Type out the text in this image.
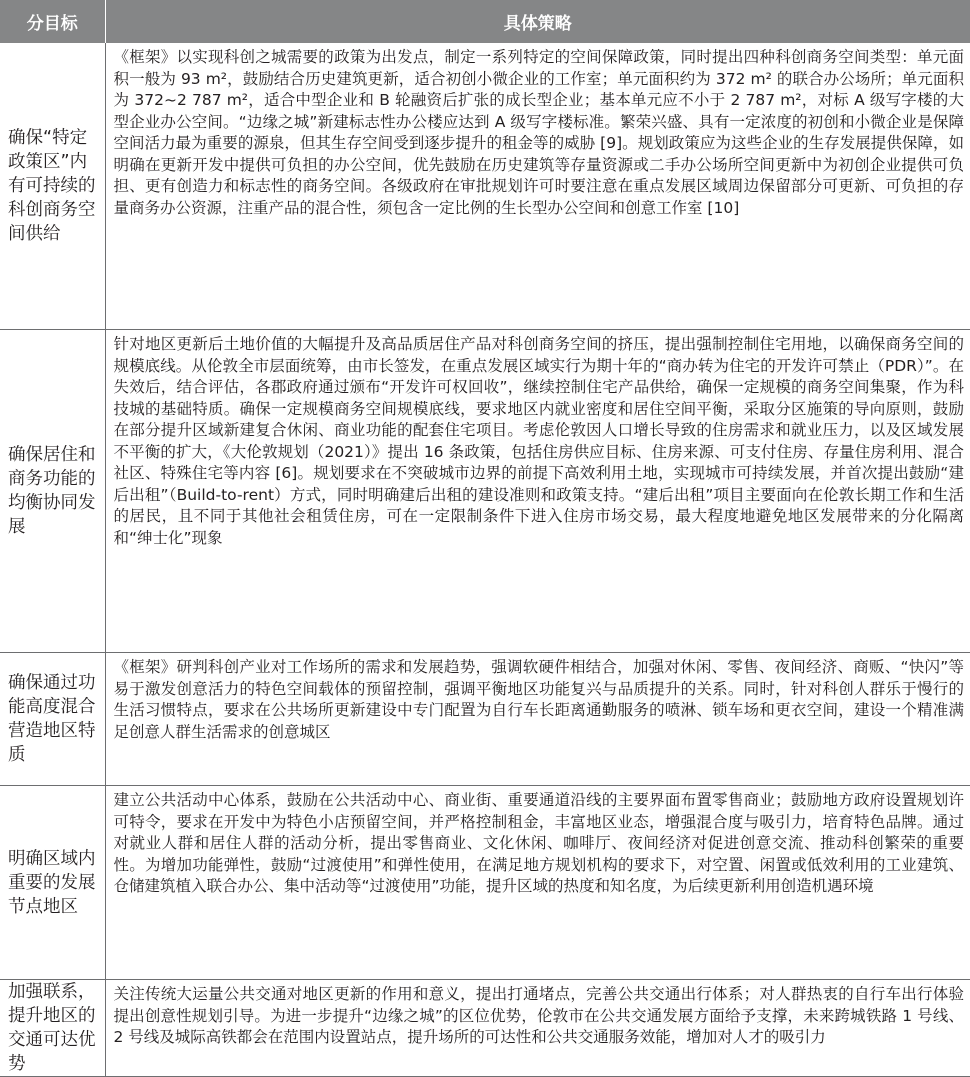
分目标	具体策略
确保“特定政策区”内有可持续的科创商务空间供给	《框架》以实现科创之城需要的政策为出发点，制定一系列特定的空间保障政策，同时提出四种科创商务空间类型：单元面积一般为 93 m²，鼓励结合历史建筑更新，适合初创小微企业的工作室；单元面积约为 372 m² 的联合办公场所；单元面积为 372~2 787 m²，适合中型企业和 B 轮融资后扩张的成长型企业；基本单元应不小于 2 787 m²，对标 A 级写字楼的大型企业办公空间。“边缘之城”新建标志性办公楼应达到 A 级写字楼标准。繁荣兴盛、具有一定浓度的初创和小微企业是保障空间活力最为重要的源泉，但其生存空间受到逐步提升的租金等的威胁 [9]。规划政策应为这些企业的生存发展提供保障，如明确在更新开发中提供可负担的办公空间，优先鼓励在历史建筑等存量资源或二手办公场所空间更新中为初创企业提供可负担、更有创造力和标志性的商务空间。各级政府在审批规划许可时要注意在重点发展区域周边保留部分可更新、可负担的存量商务办公资源，注重产品的混合性，须包含一定比例的生长型办公空间和创意工作室 [10]
确保居住和商务功能的均衡协同发展	针对地区更新后土地价值的大幅提升及高品质居住产品对科创商务空间的挤压，提出强制控制住宅用地，以确保商务空间的规模底线。从伦敦全市层面统筹，由市长签发，在重点发展区域实行为期十年的“商办转为住宅的开发许可禁止（PDR）”。在失效后，结合评估，各郡政府通过颁布“开发许可权回收”，继续控制住宅产品供给，确保一定规模的商务空间集聚，作为科技城的基础特质。确保一定规模商务空间规模底线，要求地区内就业密度和居住空间平衡，采取分区施策的导向原则，鼓励在部分提升区域新建复合休闲、商业功能的配套住宅项目。考虑伦敦因人口增长导致的住房需求和就业压力，以及区域发展不平衡的扩大，《大伦敦规划（2021）》提出 16 条政策，包括住房供应目标、住房来源、可支付住房、存量住房利用、混合社区、特殊住宅等内容 [6]。规划要求在不突破城市边界的前提下高效利用土地，实现城市可持续发展，并首次提出鼓励“建后出租”（Build-to-rent）方式，同时明确建后出租的建设准则和政策支持。“建后出租”项目主要面向在伦敦长期工作和生活的居民，且不同于其他社会租赁住房，可在一定限制条件下进入住房市场交易，最大程度地避免地区发展带来的分化隔离和“绅士化”现象
确保通过功能高度混合营造地区特质	《框架》研判科创产业对工作场所的需求和发展趋势，强调软硬件相结合，加强对休闲、零售、夜间经济、商贩、“快闪”等易于激发创意活力的特色空间载体的预留控制，强调平衡地区功能复兴与品质提升的关系。同时，针对科创人群乐于慢行的生活习惯特点，要求在公共场所更新建设中专门配置为自行车长距离通勤服务的喷淋、锁车场和更衣空间，建设一个精准满足创意人群生活需求的创意城区
明确区域内重要的发展节点地区	建立公共活动中心体系，鼓励在公共活动中心、商业街、重要通道沿线的主要界面布置零售商业；鼓励地方政府设置规划许可特令，要求在开发中为特色小店预留空间，并严格控制租金，丰富地区业态，增强混合度与吸引力，培育特色品牌。通过对就业人群和居住人群的活动分析，提出零售商业、文化休闲、咖啡厅、夜间经济对促进创意交流、推动科创繁荣的重要性。为增加功能弹性，鼓励“过渡使用”和弹性使用，在满足地方规划机构的要求下，对空置、闲置或低效利用的工业建筑、仓储建筑植入联合办公、集中活动等“过渡使用”功能，提升区域的热度和知名度，为后续更新利用创造机遇环境
加强联系，提升地区的交通可达优势	关注传统大运量公共交通对地区更新的作用和意义，提出打通堵点，完善公共交通出行体系；对人群热衷的自行车出行体验提出创意性规划引导。为进一步提升“边缘之城”的区位优势，伦敦市在公共交通发展方面给予支撑，未来跨城铁路 1 号线、2 号线及城际高铁都会在范围内设置站点，提升场所的可达性和公共交通服务效能，增加对人才的吸引力
